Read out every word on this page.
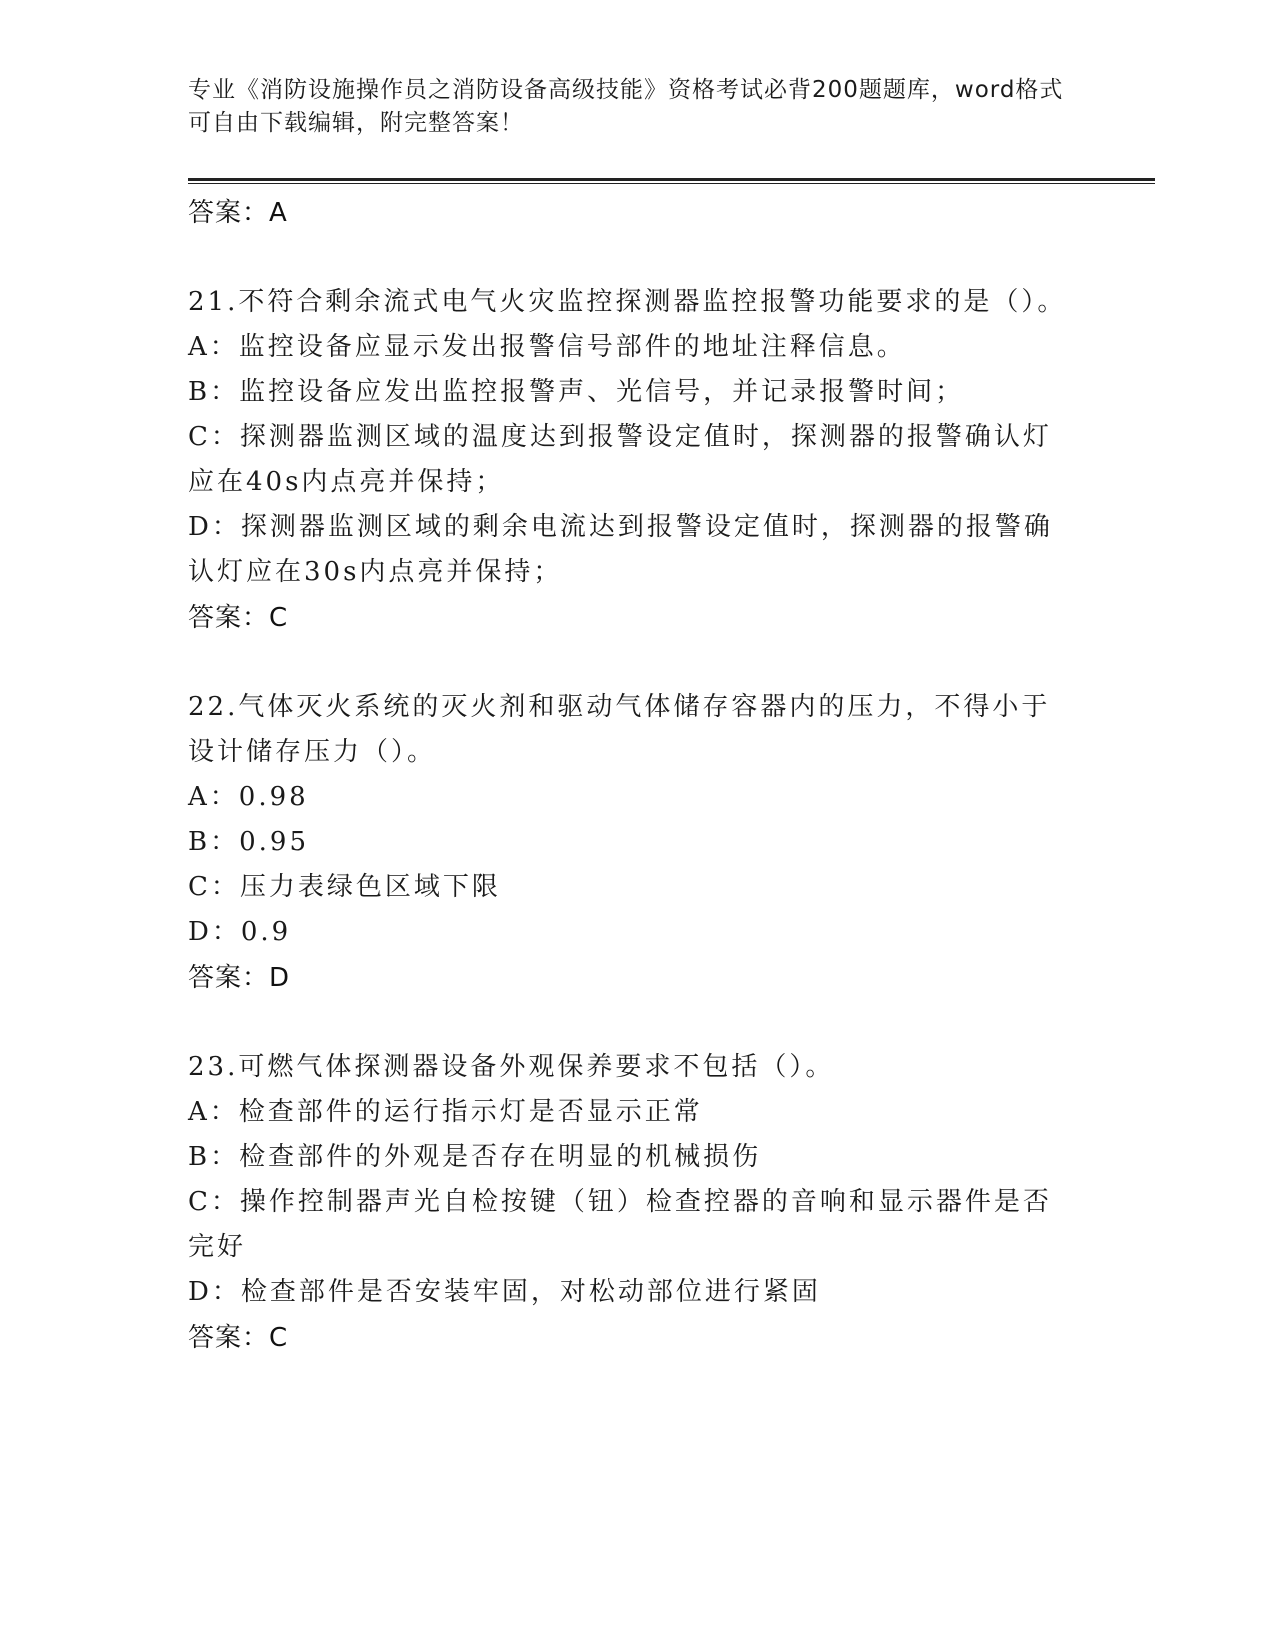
专业《消防设施操作员之消防设备高级技能》资格考试必背200题题库，word格式可自由下载编辑，附完整答案！
答案：A
21.不符合剩余流式电气火灾监控探测器监控报警功能要求的是（）。
A：监控设备应显示发出报警信号部件的地址注释信息。
B：监控设备应发出监控报警声、光信号，并记录报警时间；
C：探测器监测区域的温度达到报警设定值时，探测器的报警确认灯应在40s内点亮并保持；
D：探测器监测区域的剩余电流达到报警设定值时，探测器的报警确认灯应在30s内点亮并保持；
答案：C
22.气体灭火系统的灭火剂和驱动气体储存容器内的压力，不得小于设计储存压力（）。
A：0.98
B：0.95
C：压力表绿色区域下限
D：0.9
答案：D
23.可燃气体探测器设备外观保养要求不包括（）。
A：检查部件的运行指示灯是否显示正常
B：检查部件的外观是否存在明显的机械损伤
C：操作控制器声光自检按键（钮）检查控器的音响和显示器件是否完好
D：检查部件是否安装牢固，对松动部位进行紧固
答案：C
